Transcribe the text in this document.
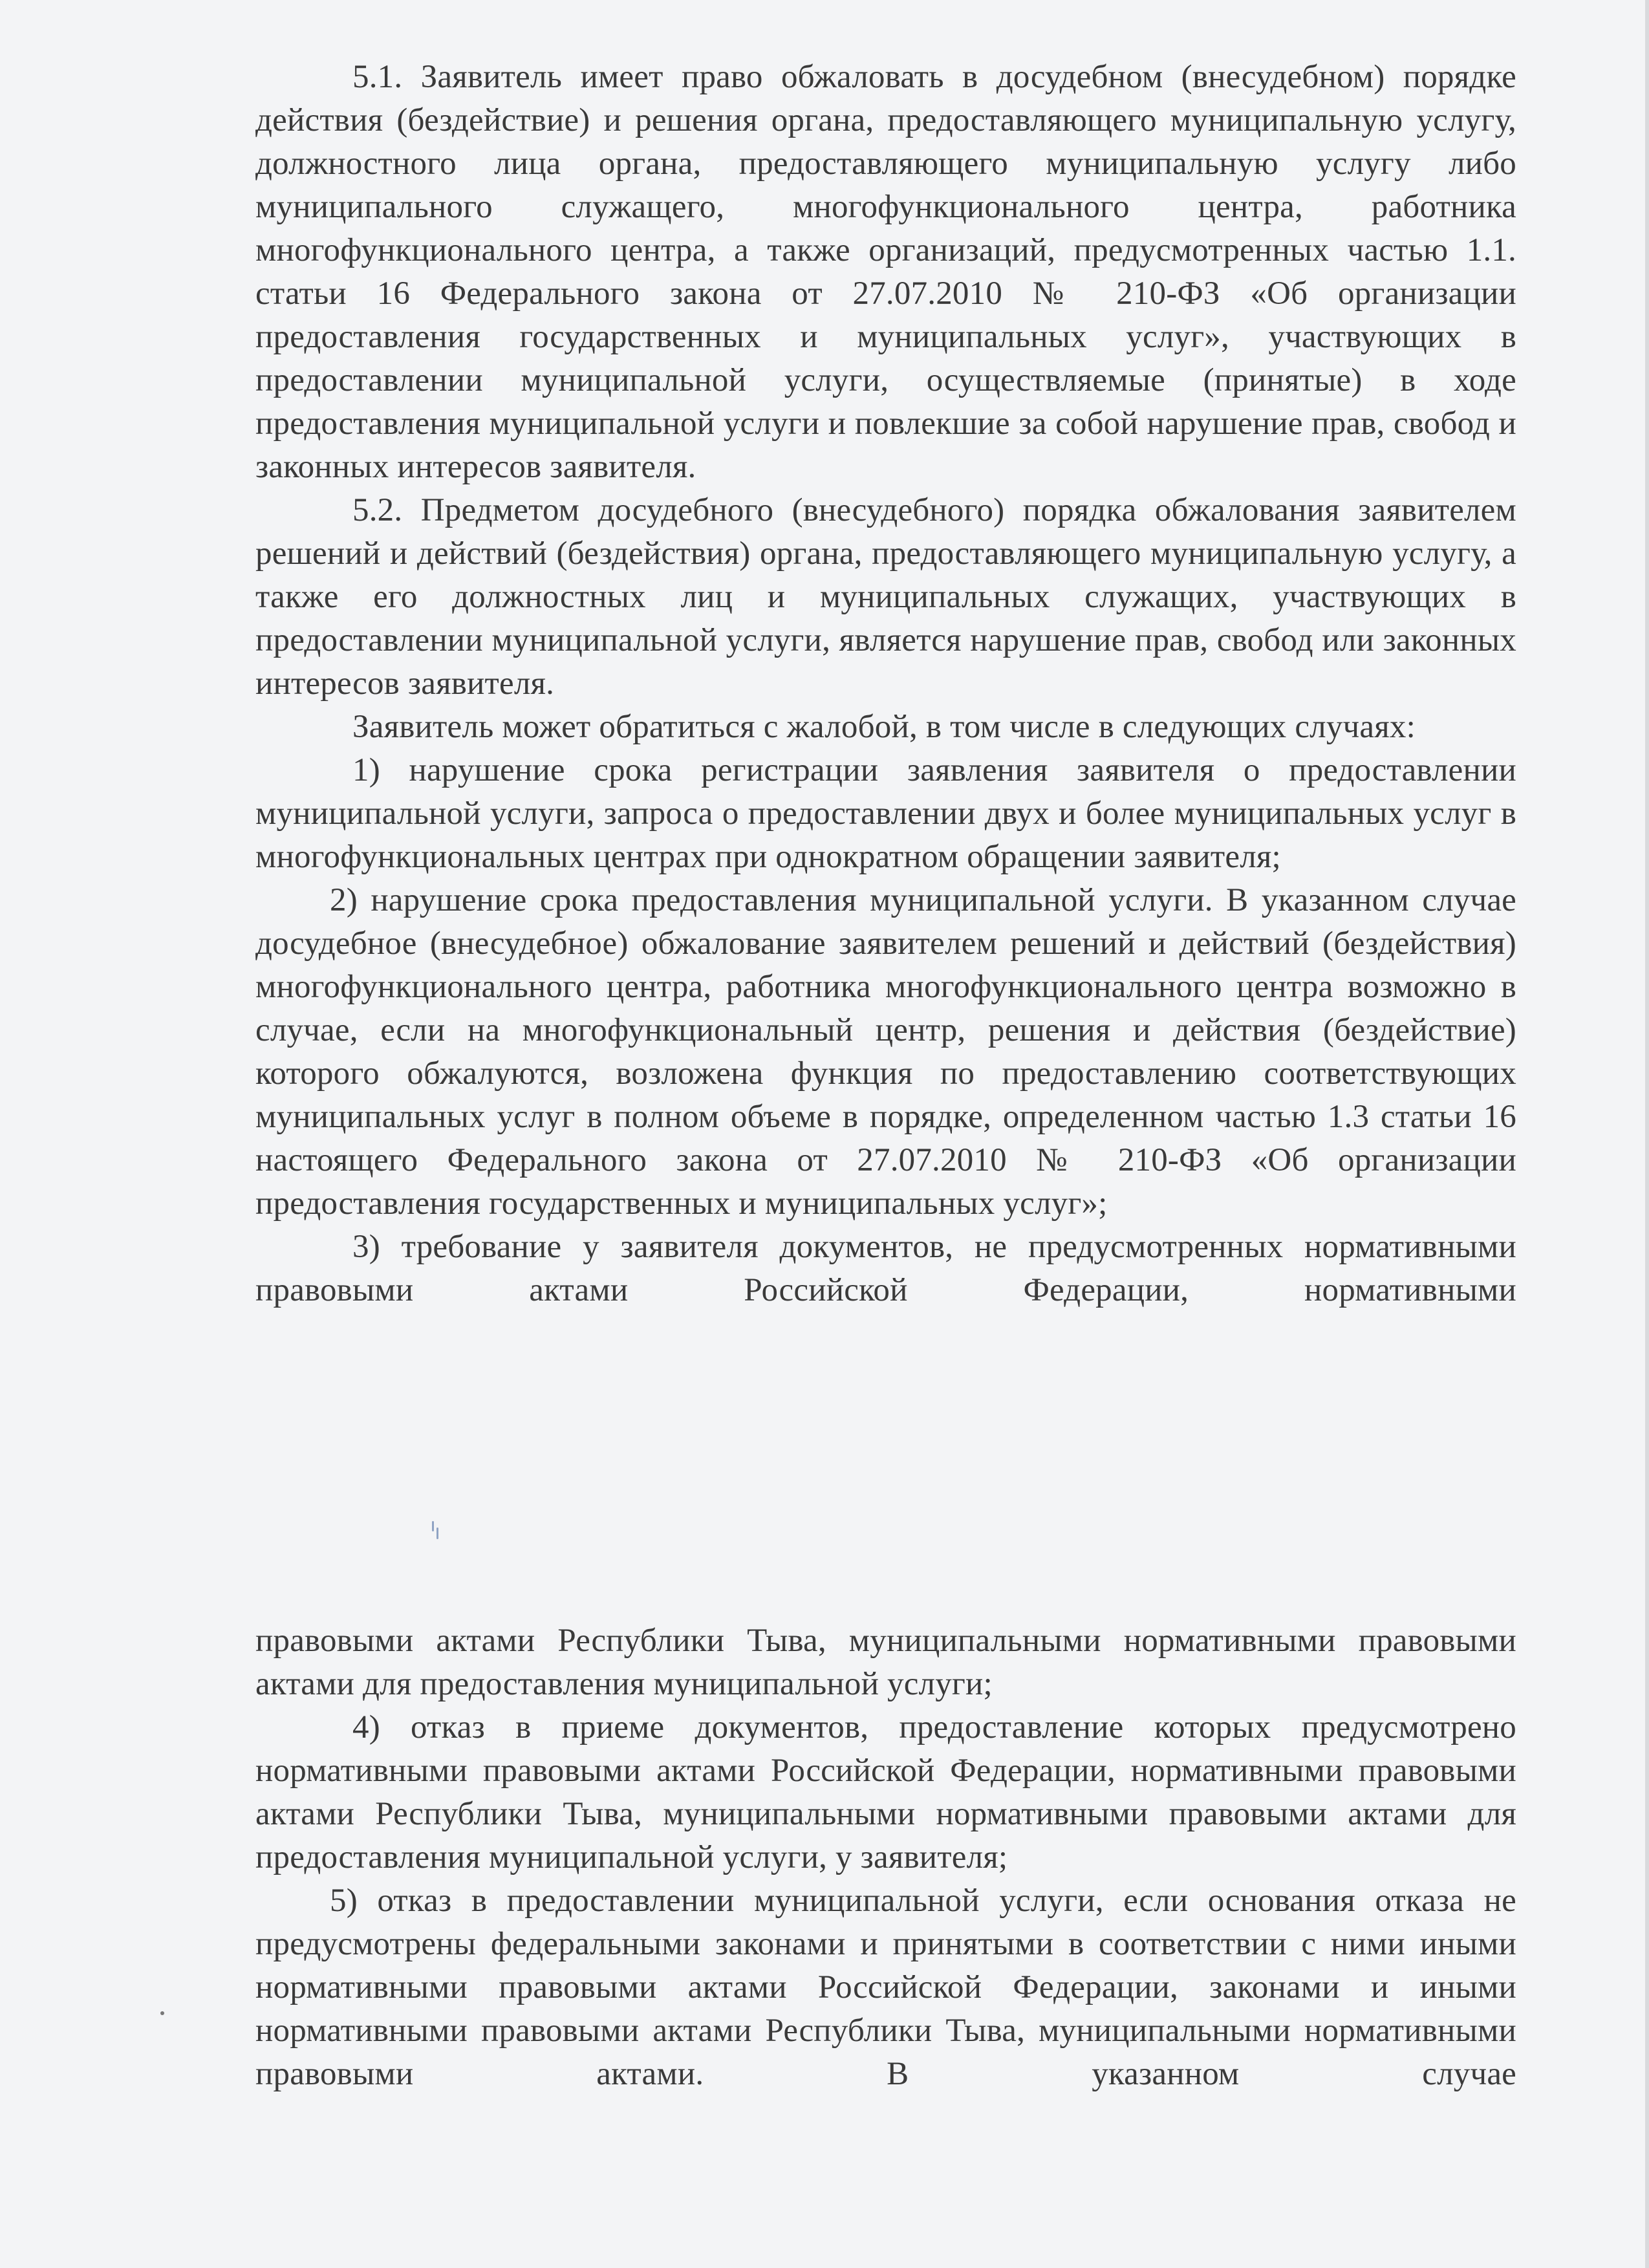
5.1. Заявитель имеет право обжаловать в досудебном (внесудебном) порядке действия (бездействие) и решения органа, предоставляющего муниципальную услугу, должностного лица органа, предоставляющего муниципальную услугу либо муниципального служащего, многофункционального центра, работника многофункционального центра, а также организаций, предусмотренных частью 1.1. статьи 16 Федерального закона от 27.07.2010 № 210-ФЗ «Об организации предоставления государственных и муниципальных услуг», участвующих в предоставлении муниципальной услуги, осуществляемые (принятые) в ходе предоставления муниципальной услуги и повлекшие за собой нарушение прав, свобод и законных интересов заявителя.

5.2. Предметом досудебного (внесудебного) порядка обжалования заявителем решений и действий (бездействия) органа, предоставляющего муниципальную услугу, а также его должностных лиц и муниципальных служащих, участвующих в предоставлении муниципальной услуги, является нарушение прав, свобод или законных интересов заявителя.

Заявитель может обратиться с жалобой, в том числе в следующих случаях:

1) нарушение срока регистрации заявления заявителя о предоставлении муниципальной услуги, запроса о предоставлении двух и более муниципальных услуг в многофункциональных центрах при однократном обращении заявителя;

2) нарушение срока предоставления муниципальной услуги. В указанном случае досудебное (внесудебное) обжалование заявителем решений и действий (бездействия) многофункционального центра, работника многофункционального центра возможно в случае, если на многофункциональный центр, решения и действия (бездействие) которого обжалуются, возложена функция по предоставлению соответствующих муниципальных услуг в полном объеме в порядке, определенном частью 1.3 статьи 16 настоящего Федерального закона от 27.07.2010 № 210-ФЗ «Об организации предоставления государственных и муниципальных услуг»;

3) требование у заявителя документов, не предусмотренных нормативными правовыми актами Российской Федерации, нормативными

правовыми актами Республики Тыва, муниципальными нормативными правовыми актами для предоставления муниципальной услуги;

4) отказ в приеме документов, предоставление которых предусмотрено нормативными правовыми актами Российской Федерации, нормативными правовыми актами Республики Тыва, муниципальными нормативными правовыми актами для предоставления муниципальной услуги, у заявителя;

5) отказ в предоставлении муниципальной услуги, если основания отказа не предусмотрены федеральными законами и принятыми в соответствии с ними иными нормативными правовыми актами Российской Федерации, законами и иными нормативными правовыми актами Республики Тыва, муниципальными нормативными правовыми актами. В указанном случае
